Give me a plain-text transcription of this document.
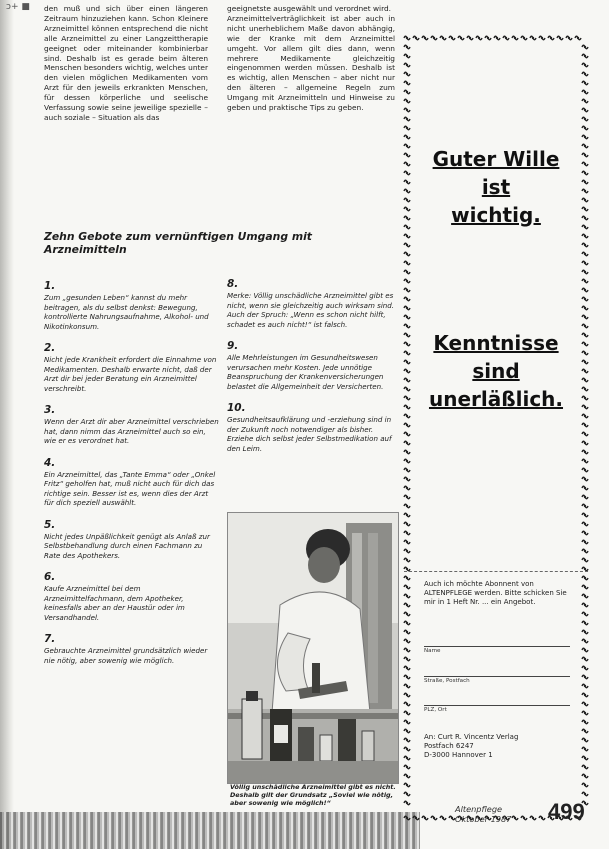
ɔ+ ■ den muß und sich über einen längeren Zeitraum hinzuziehen kann. Schon Kleinere Arzneimittel können entsprechend die nicht alle Arzneimittel zu einer Langzeittherapie geeignet oder miteinander kombinierbar sind. Deshalb ist es gerade beim älteren Menschen besonders wichtig, welches unter den vielen möglichen Medikamenten vom Arzt für den jeweils erkrankten Menschen, für dessen körperliche und seelische Verfassung sowie seine jeweilige spezielle – auch soziale – Situation als das

geeignetste ausgewählt und verordnet wird.
Arzneimittelverträglichkeit ist aber auch in nicht unerheblichem Maße davon abhängig, wie der Kranke mit dem Arzneimittel umgeht. Vor allem gilt dies dann, wenn mehrere Medikamente gleichzeitig eingenommen werden müssen. Deshalb ist es wichtig, allen Menschen – aber nicht nur den älteren – allgemeine Regeln zum Umgang mit Arzneimitteln und Hinweise zu geben und praktische Tips zu geben.

Zehn Gebote zum vernünftigen Umgang mit Arzneimitteln
1.
Zum „gesunden Leben“ kannst du mehr beitragen, als du selbst denkst: Bewegung, kontrollierte Nahrungsaufnahme, Alkohol- und Nikotinkonsum.
2.
Nicht jede Krankheit erfordert die Einnahme von Medikamenten. Deshalb erwarte nicht, daß der Arzt dir bei jeder Beratung ein Arzneimittel verschreibt.
3.
Wenn der Arzt dir aber Arzneimittel verschrieben hat, dann nimm das Arzneimittel auch so ein, wie er es verordnet hat.
4.
Ein Arzneimittel, das „Tante Emma“ oder „Onkel Fritz“ geholfen hat, muß nicht auch für dich das richtige sein. Besser ist es, wenn dies der Arzt für dich speziell auswählt.
5.
Nicht jedes Unpäßlichkeit genügt als Anlaß zur Selbstbehandlung durch einen Fachmann zu Rate des Apothekers.
6.
Kaufe Arzneimittel bei dem Arzneimittelfachmann, dem Apotheker, keinesfalls aber an der Haustür oder im Versandhandel.
7.
Gebrauchte Arzneimittel grundsätzlich wieder nie nötig, aber sowenig wie möglich.
8.
Merke: Völlig unschädliche Arzneimittel gibt es nicht, wenn sie gleichzeitig auch wirksam sind. Auch der Spruch: „Wenn es schon nicht hilft, schadet es auch nicht!“ ist falsch.
9.
Alle Mehrleistungen im Gesundheitswesen verursachen mehr Kosten. Jede unnötige Beanspruchung der Krankenversicherungen belastet die Allgemeinheit der Versicherten.
10.
Gesundheitsaufklärung und -erziehung sind in der Zukunft noch notwendiger als bisher. Erziehe dich selbst jeder Selbstmedikation auf den Leim.
Völlig unschädliche Arzneimittel gibt es nicht. Deshalb gilt der Grundsatz „Soviel wie nötig, aber sowenig wie möglich!“
Guter Wille
ist
wichtig.
Kenntnisse
sind
unerläßlich.
Auch ich möchte Abonnent von ALTENPFLEGE werden. Bitte schicken Sie mir in 1 Heft Nr. ... ein Angebot.
Name
Straße, Postfach
PLZ, Ort
An: Curt R. Vincentz Verlag
Postfach 6247
D-3000 Hannover 1
Altenpflege
Oktober 1987 499
